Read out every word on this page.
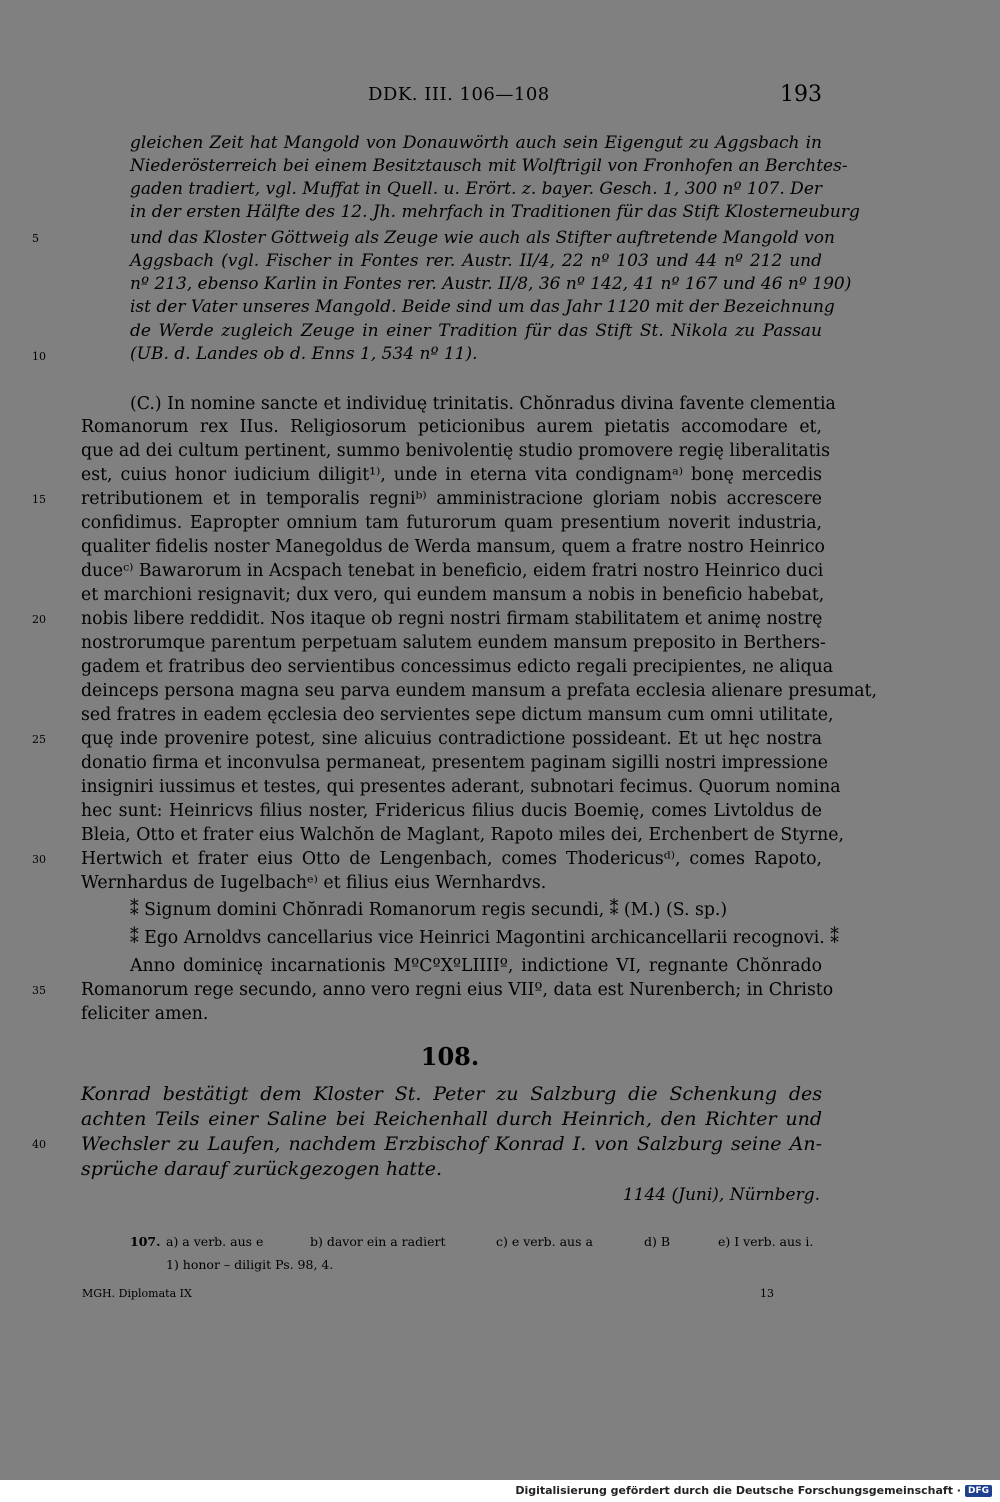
DDK. III. 106—108	193
gleichen Zeit hat Mangold von Donauwörth auch sein Eigengut zu Aggsbach in
Niederösterreich bei einem Besitztausch mit Wolftrigil von Fronhofen an Berchtes-
gaden tradiert, vgl. Muffat in Quell. u. Erört. z. bayer. Gesch. 1, 300 nº 107. Der
in der ersten Hälfte des 12. Jh. mehrfach in Traditionen für das Stift Klosterneuburg
und das Kloster Göttweig als Zeuge wie auch als Stifter auftretende Mangold von
Aggsbach (vgl. Fischer in Fontes rer. Austr. II/4, 22 nº 103 und 44 nº 212 und
nº 213, ebenso Karlin in Fontes rer. Austr. II/8, 36 nº 142, 41 nº 167 und 46 nº 190)
ist der Vater unseres Mangold. Beide sind um das Jahr 1120 mit der Bezeichnung
de Werde zugleich Zeuge in einer Tradition für das Stift St. Nikola zu Passau
(UB. d. Landes ob d. Enns 1, 534 nº 11).
(C.) In nomine sancte et individuę trinitatis. Chŏnradus divina favente clementia
Romanorum rex IIus. Religiosorum peticionibus aurem pietatis accomodare et,
que ad dei cultum pertinent, summo benivolentię studio promovere regię liberalitatis
est, cuius honor iudicium diligit¹⁾, unde in eterna vita condignamᵃ⁾ bonę mercedis
retributionem et in temporalis regniᵇ⁾ amministracione gloriam nobis accrescere
confidimus. Eapropter omnium tam futurorum quam presentium noverit industria,
qualiter fidelis noster Manegoldus de Werda mansum, quem a fratre nostro Heinrico
duceᶜ⁾ Bawarorum in Acspach tenebat in beneficio, eidem fratri nostro Heinrico duci
et marchioni resignavit; dux vero, qui eundem mansum a nobis in beneficio habebat,
nobis libere reddidit. Nos itaque ob regni nostri firmam stabilitatem et animę nostrę
nostrorumque parentum perpetuam salutem eundem mansum preposito in Berthers-
gadem et fratribus deo servientibus concessimus edicto regali precipientes, ne aliqua
deinceps persona magna seu parva eundem mansum a prefata ecclesia alienare presumat,
sed fratres in eadem ęcclesia deo servientes sepe dictum mansum cum omni utilitate,
quę inde provenire potest, sine alicuius contradictione possideant. Et ut hęc nostra
donatio firma et inconvulsa permaneat, presentem paginam sigilli nostri impressione
insigniri iussimus et testes, qui presentes aderant, subnotari fecimus. Quorum nomina
hec sunt: Heinricvs filius noster, Fridericus filius ducis Boemię, comes Livtoldus de
Bleia, Otto et frater eius Walchŏn de Maglant, Rapoto miles dei, Erchenbert de Styrne,
Hertwich et frater eius Otto de Lengenbach, comes Thodericusᵈ⁾, comes Rapoto,
Wernhardus de Iugelbachᵉ⁾ et filius eius Wernhardvs.
⁑ Signum domini Chŏnradi Romanorum regis secundi, ⁑ (M.) (S. sp.)
⁑ Ego Arnoldvs cancellarius vice Heinrici Magontini archicancellarii recognovi. ⁑
Anno dominicę incarnationis MºCºXºLIIIIº, indictione VI, regnante Chŏnrado
Romanorum rege secundo, anno vero regni eius VIIº, data est Nurenberch; in Christo
feliciter amen.
108.
Konrad bestätigt dem Kloster St. Peter zu Salzburg die Schenkung des
achten Teils einer Saline bei Reichenhall durch Heinrich, den Richter und
Wechsler zu Laufen, nachdem Erzbischof Konrad I. von Salzburg seine An-
sprüche darauf zurückgezogen hatte.
1144 (Juni), Nürnberg.
107. a) a verb. aus e	b) davor ein a radiert	c) e verb. aus a	d) B	e) I verb. aus i.
1) honor – diligit Ps. 98, 4.
MGH. Diplomata IX	13
5
10
15
20
25
30
35
40
Digitalisierung gefördert durch die Deutsche Forschungsgemeinschaft · DFG
